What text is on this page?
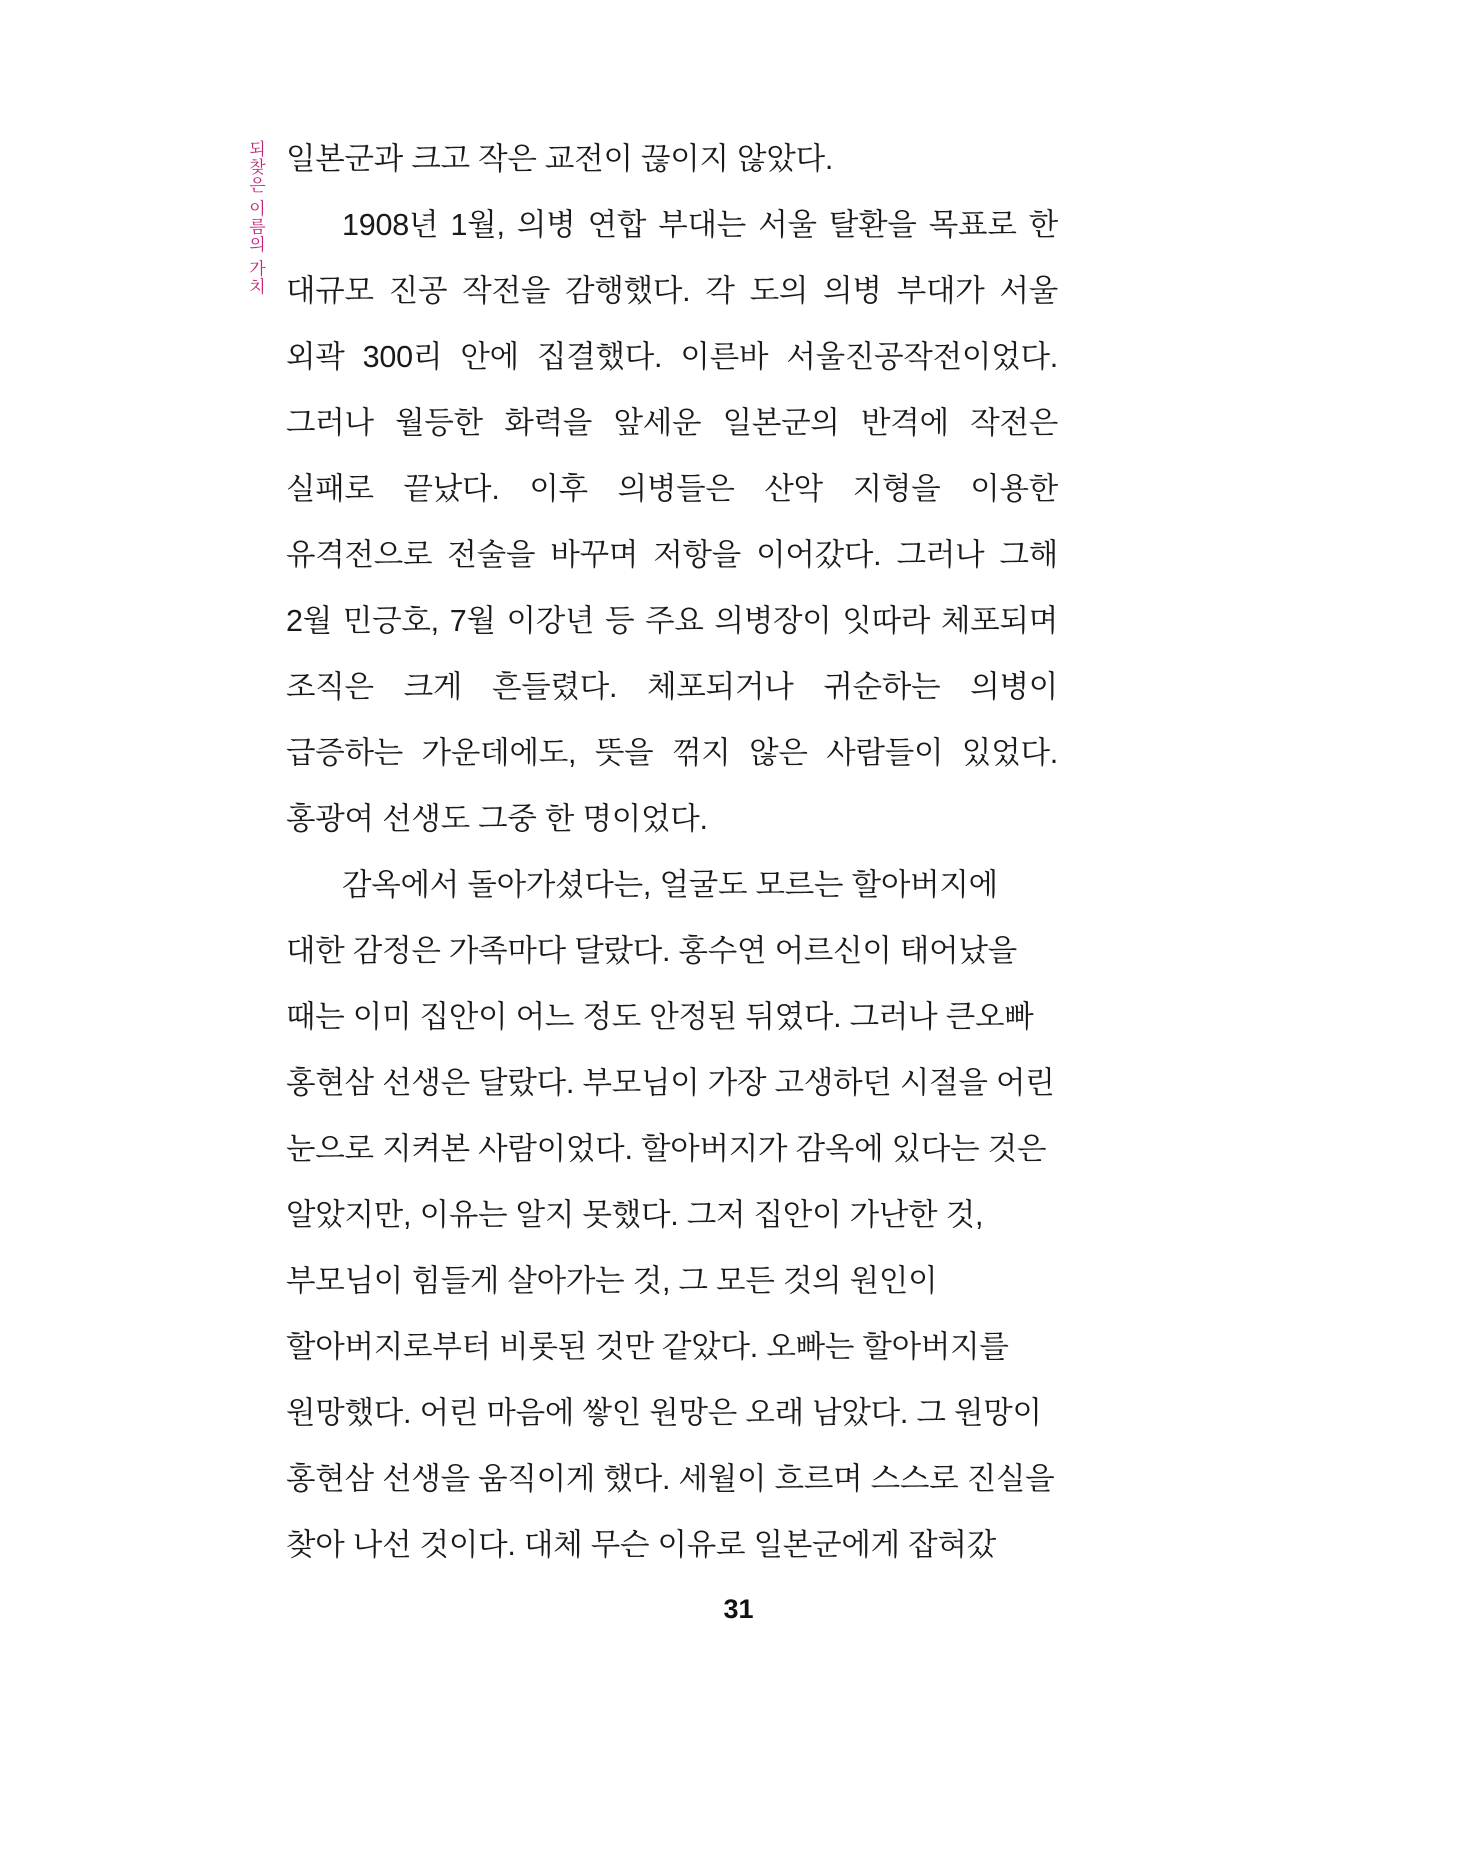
되찾은 이름의 가치 일본군과 크고 작은 교전이 끊이지 않았다.

1908년 1월, 의병 연합 부대는 서울 탈환을 목표로 한 대규모 진공 작전을 감행했다. 각 도의 의병 부대가 서울 외곽 300리 안에 집결했다. 이른바 서울진공작전이었다. 그러나 월등한 화력을 앞세운 일본군의 반격에 작전은 실패로 끝났다. 이후 의병들은 산악 지형을 이용한 유격전으로 전술을 바꾸며 저항을 이어갔다. 그러나 그해 2월 민긍호, 7월 이강년 등 주요 의병장이 잇따라 체포되며 조직은 크게 흔들렸다. 체포되거나 귀순하는 의병이 급증하는 가운데에도, 뜻을 꺾지 않은 사람들이 있었다. 홍광여 선생도 그중 한 명이었다.

감옥에서 돌아가셨다는, 얼굴도 모르는 할아버지에 대한 감정은 가족마다 달랐다. 홍수연 어르신이 태어났을 때는 이미 집안이 어느 정도 안정된 뒤였다. 그러나 큰오빠 홍현삼 선생은 달랐다. 부모님이 가장 고생하던 시절을 어린 눈으로 지켜본 사람이었다. 할아버지가 감옥에 있다는 것은 알았지만, 이유는 알지 못했다. 그저 집안이 가난한 것, 부모님이 힘들게 살아가는 것, 그 모든 것의 원인이 할아버지로부터 비롯된 것만 같았다. 오빠는 할아버지를 원망했다. 어린 마음에 쌓인 원망은 오래 남았다. 그 원망이 홍현삼 선생을 움직이게 했다. 세월이 흐르며 스스로 진실을 찾아 나선 것이다. 대체 무슨 이유로 일본군에게 잡혀갔

31
